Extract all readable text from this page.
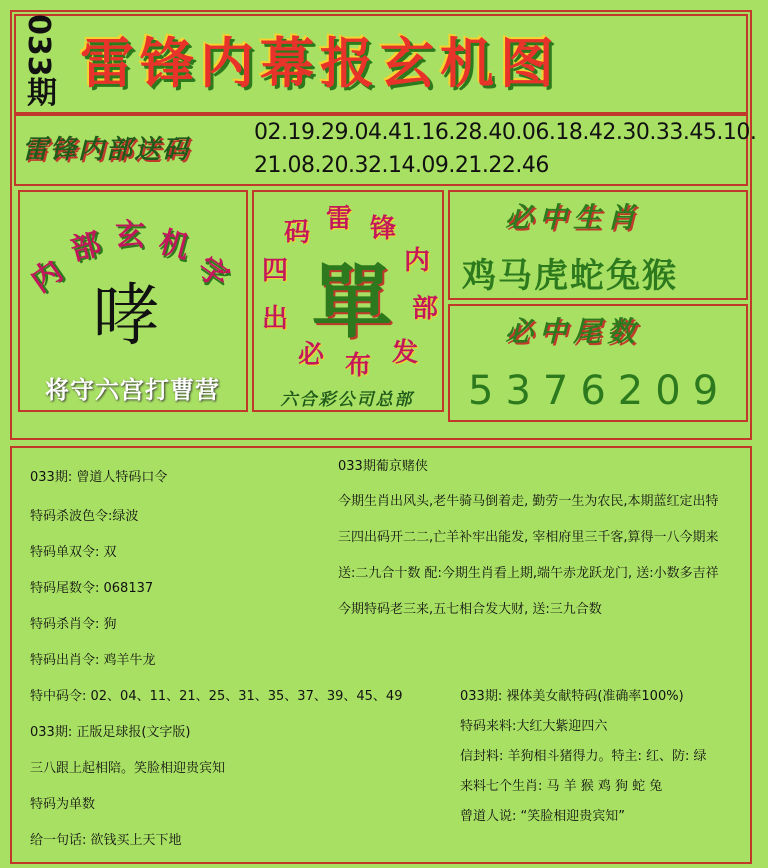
033期 雷锋内幕报玄机图
雷锋内部送码
02.19.29.04.41.16.28.40.06.18.42.30.33.45.10.
21.08.20.32.14.09.21.22.46
内
部 玄 机
字
哮
将守六宫打曹营
雷 锋
内
部
发
布
必
出
四
码
單
六合彩公司总部
必中生肖
鸡马虎蛇兔猴
必中尾数
5376209
033期: 曾道人特码口令
特码杀波色令:绿波
特码单双令: 双
特码尾数令: 068137
特码杀肖令: 狗
特码出肖令: 鸡羊牛龙
特中码令: 02、04、11、21、25、31、35、37、39、45、49
033期: 正版足球报(文字版)
三八跟上起相陪。笑脸相迎贵宾知
特码为单数
给一句话: 欲钱买上天下地
033期葡京赌侠
今期生肖出风头,老牛骑马倒着走, 勤劳一生为农民,本期蓝红定出特
三四出码开二二,亡羊补牢出能发, 宰相府里三千客,算得一八今期来
送:二九合十数 配:今期生肖看上期,端午赤龙跃龙门, 送:小数多吉祥
今期特码老三来,五七相合发大财, 送:三九合数
033期: 裸体美女献特码(准确率100%)
特码来料:大红大紫迎四六
信封料: 羊狗相斗猪得力。特主: 红、防: 绿
来料七个生肖: 马 羊 猴 鸡 狗 蛇 兔
曾道人说: “笑脸相迎贵宾知”
